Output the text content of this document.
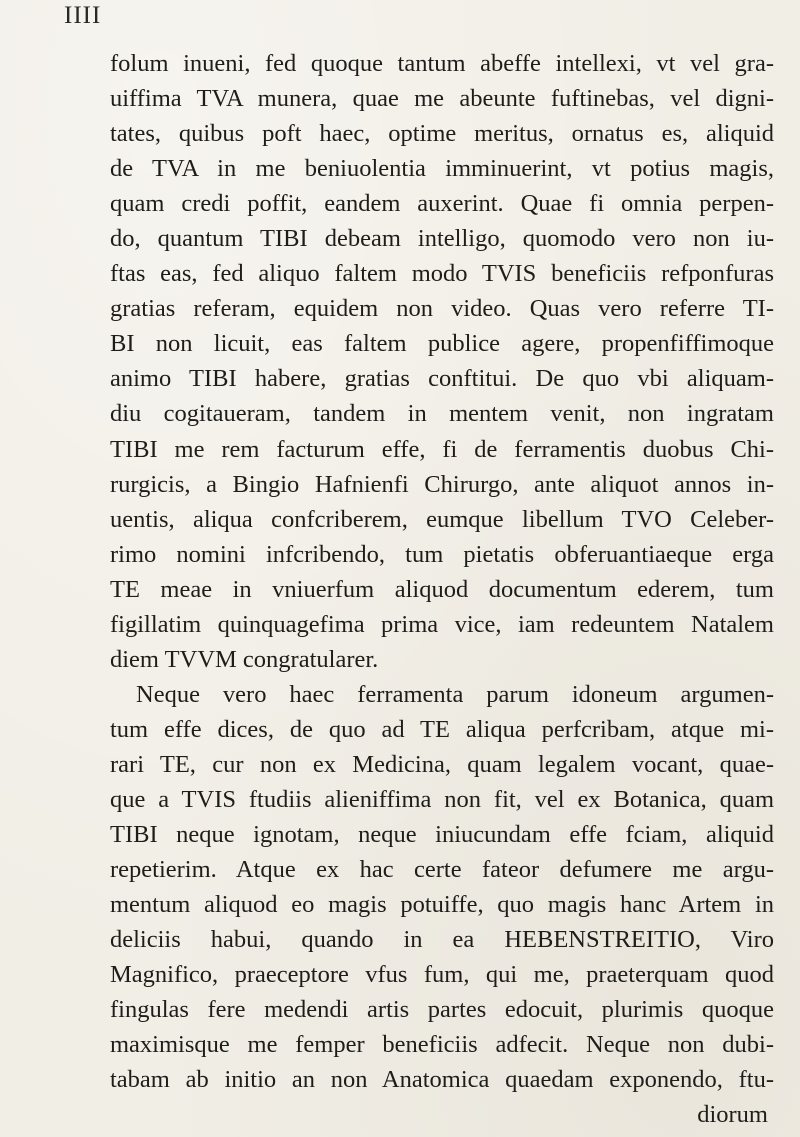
IIII
folum inueni, fed quoque tantum abeffe intellexi, vt vel gra-
uiffima TVA munera, quae me abeunte fuftinebas, vel digni-
tates, quibus poft haec, optime meritus, ornatus es, aliquid
de TVA in me beniuolentia imminuerint, vt potius magis,
quam credi poffit, eandem auxerint. Quae fi omnia perpen-
do, quantum TIBI debeam intelligo, quomodo vero non iu-
ftas eas, fed aliquo faltem modo TVIS beneficiis refponfuras
gratias referam, equidem non video. Quas vero referre TI-
BI non licuit, eas faltem publice agere, propenfiffimoque
animo TIBI habere, gratias conftitui. De quo vbi aliquam-
diu cogitaueram, tandem in mentem venit, non ingratam
TIBI me rem facturum effe, fi de ferramentis duobus Chi-
rurgicis, a Bingio Hafnienfi Chirurgo, ante aliquot annos in-
uentis, aliqua confcriberem, eumque libellum TVO Celeber-
rimo nomini infcribendo, tum pietatis obferuantiaeque erga
TE meae in vniuerfum aliquod documentum ederem, tum
figillatim quinquagefima prima vice, iam redeuntem Natalem
diem TVVM congratularer.
Neque vero haec ferramenta parum idoneum argumen-
tum effe dices, de quo ad TE aliqua perfcribam, atque mi-
rari TE, cur non ex Medicina, quam legalem vocant, quae-
que a TVIS ftudiis alieniffima non fit, vel ex Botanica, quam
TIBI neque ignotam, neque iniucundam effe fciam, aliquid
repetierim. Atque ex hac certe fateor defumere me argu-
mentum aliquod eo magis potuiffe, quo magis hanc Artem in
deliciis habui, quando in ea HEBENSTREITIO, Viro
Magnifico, praeceptore vfus fum, qui me, praeterquam quod
fingulas fere medendi artis partes edocuit, plurimis quoque
maximisque me femper beneficiis adfecit. Neque non dubi-
tabam ab initio an non Anatomica quaedam exponendo, ftu-
diorum
